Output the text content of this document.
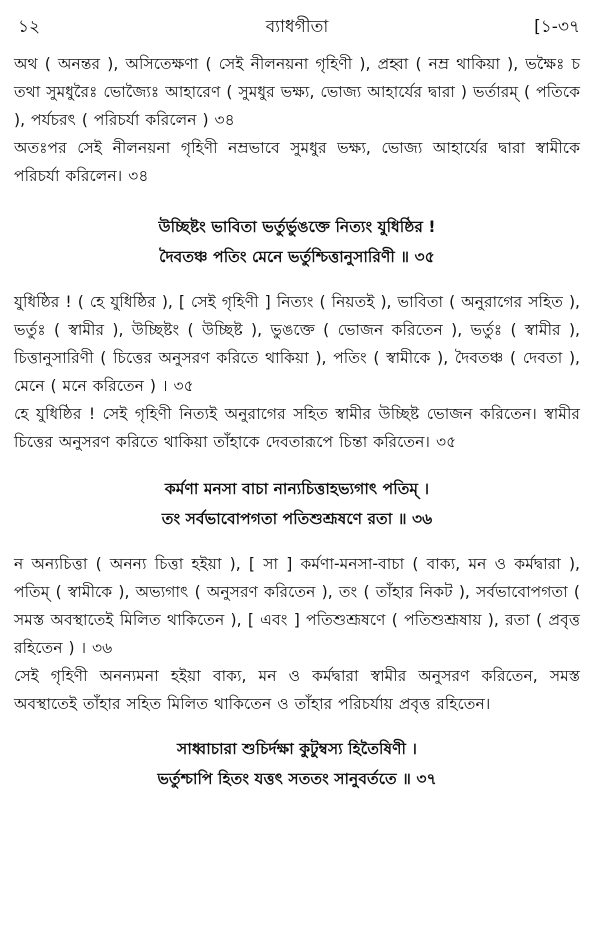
১২	ব্যাধগীতা	[১-৩৭

অথ ( অনন্তর ), অসিতেক্ষণা ( সেই নীলনয়না গৃহিণী ), প্রহ্বা ( নম্র থাকিয়া ), ভক্ষৈঃ চ তথা সুমধুরৈঃ ভোজ্যৈঃ আহারেণ ( সুমধুর ভক্ষ্য, ভোজ্য আহার্যের দ্বারা ) ভর্তারম্ ( পতিকে ), পর্যচরৎ ( পরিচর্যা করিলেন ) ৩৪

অতঃপর সেই নীলনয়না গৃহিণী নম্রভাবে সুমধুর ভক্ষ্য, ভোজ্য আহার্যের দ্বারা স্বামীকে পরিচর্যা করিলেন। ৩৪

উচ্ছিষ্টং ভাবিতা ভর্তুর্ভুঙক্তে নিত্যং যুধিষ্ঠির !

দৈবতঞ্চ পতিং মেনে ভর্তুশ্চিত্তানুসারিণী ॥ ৩৫

যুধিষ্ঠির ! ( হে যুধিষ্ঠির ), [ সেই গৃহিণী ] নিত্যং ( নিয়তই ), ভাবিতা ( অনুরাগের সহিত ), ভর্তুঃ ( স্বামীর ), উচ্ছিষ্টং ( উচ্ছিষ্ট ), ভুঙক্তে ( ভোজন করিতেন ), ভর্তুঃ ( স্বামীর ), চিত্তানুসারিণী ( চিত্তের অনুসরণ করিতে থাকিয়া ), পতিং ( স্বামীকে ), দৈবতঞ্চ ( দেবতা ), মেনে ( মনে করিতেন ) । ৩৫

হে যুধিষ্ঠির ! সেই গৃহিণী নিত্যই অনুরাগের সহিত স্বামীর উচ্ছিষ্ট ভোজন করিতেন। স্বামীর চিত্তের অনুসরণ করিতে থাকিয়া তাঁহাকে দেবতারূপে চিন্তা করিতেন। ৩৫

কর্মণা মনসা বাচা নান্যচিত্তাহভ্যগাৎ পতিম্ ।

তং সর্বভাবোপগতা পতিশুশ্রূষণে রতা ॥ ৩৬

ন অন্যচিত্তা ( অনন্য চিত্তা হইয়া ), [ সা ] কর্মণা-মনসা-বাচা ( বাক্য, মন ও কর্মদ্বারা ), পতিম্ ( স্বামীকে ), অভ্যগাৎ ( অনুসরণ করিতেন ), তং ( তাঁহার নিকট ), সর্বভাবোপগতা ( সমস্ত অবস্থাতেই মিলিত থাকিতেন ), [ এবং ] পতিশুশ্রূষণে ( পতিশুশ্রূষায় ), রতা ( প্রবৃত্ত রহিতেন ) । ৩৬

সেই গৃহিণী অনন্যমনা হইয়া বাক্য, মন ও কর্মদ্বারা স্বামীর অনুসরণ করিতেন, সমস্ত অবস্থাতেই তাঁহার সহিত মিলিত থাকিতেন ও তাঁহার পরিচর্যায় প্রবৃত্ত রহিতেন।

সাধ্বাচারা শুচির্দক্ষা কুটুম্বস্য হিতৈষিণী ।

ভর্তুশ্চাপি হিতং যত্তৎ সততং সানুবর্ততে ॥ ৩৭
